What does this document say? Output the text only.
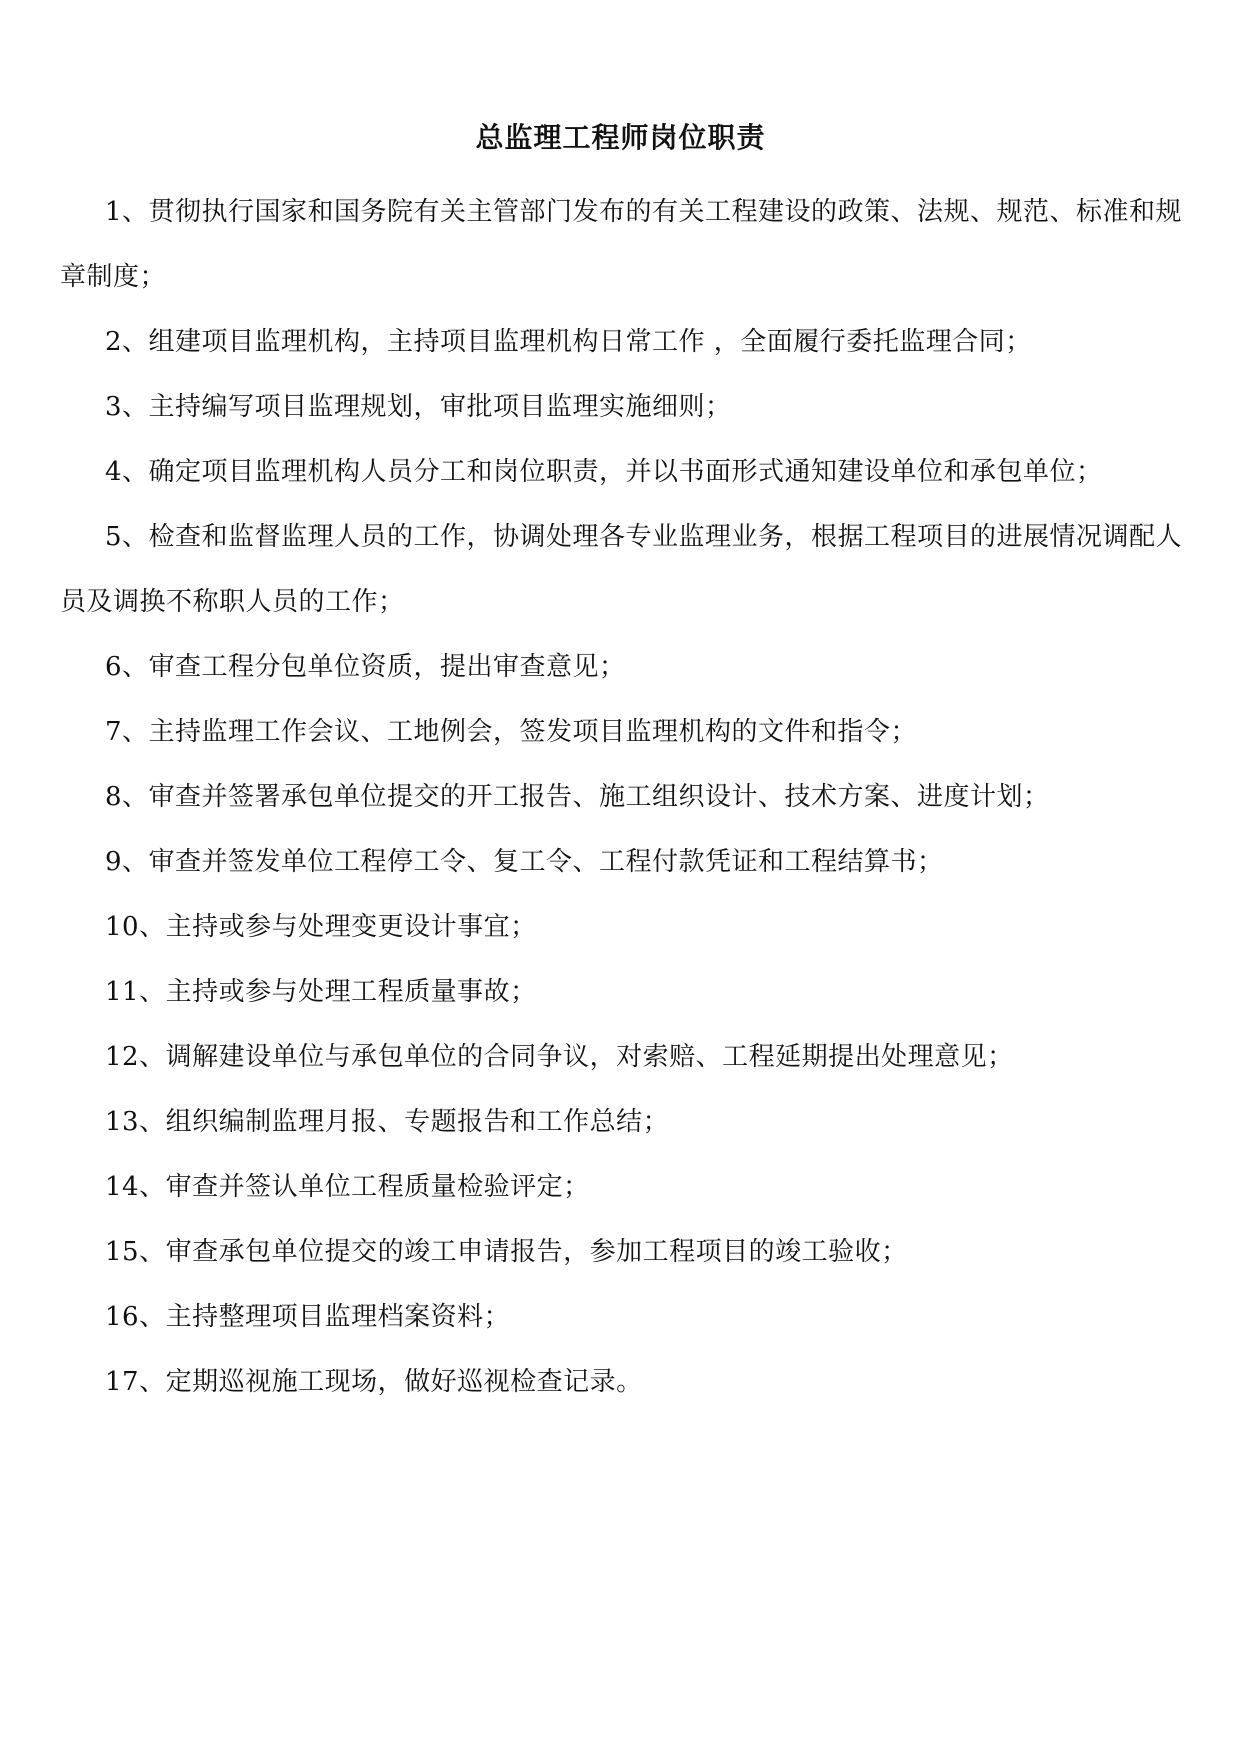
总监理工程师岗位职责
1、贯彻执行国家和国务院有关主管部门发布的有关工程建设的政策、法规、规范、标准和规章制度；
2、组建项目监理机构，主持项目监理机构日常工作 ，全面履行委托监理合同；
3、主持编写项目监理规划，审批项目监理实施细则；
4、确定项目监理机构人员分工和岗位职责，并以书面形式通知建设单位和承包单位；
5、检查和监督监理人员的工作，协调处理各专业监理业务，根据工程项目的进展情况调配人员及调换不称职人员的工作；
6、审查工程分包单位资质，提出审查意见；
7、主持监理工作会议、工地例会，签发项目监理机构的文件和指令；
8、审查并签署承包单位提交的开工报告、施工组织设计、技术方案、进度计划；
9、审查并签发单位工程停工令、复工令、工程付款凭证和工程结算书；
10、主持或参与处理变更设计事宜；
11、主持或参与处理工程质量事故；
12、调解建设单位与承包单位的合同争议，对索赔、工程延期提出处理意见；
13、组织编制监理月报、专题报告和工作总结；
14、审查并签认单位工程质量检验评定；
15、审查承包单位提交的竣工申请报告，参加工程项目的竣工验收；
16、主持整理项目监理档案资料；
17、定期巡视施工现场，做好巡视检查记录。
